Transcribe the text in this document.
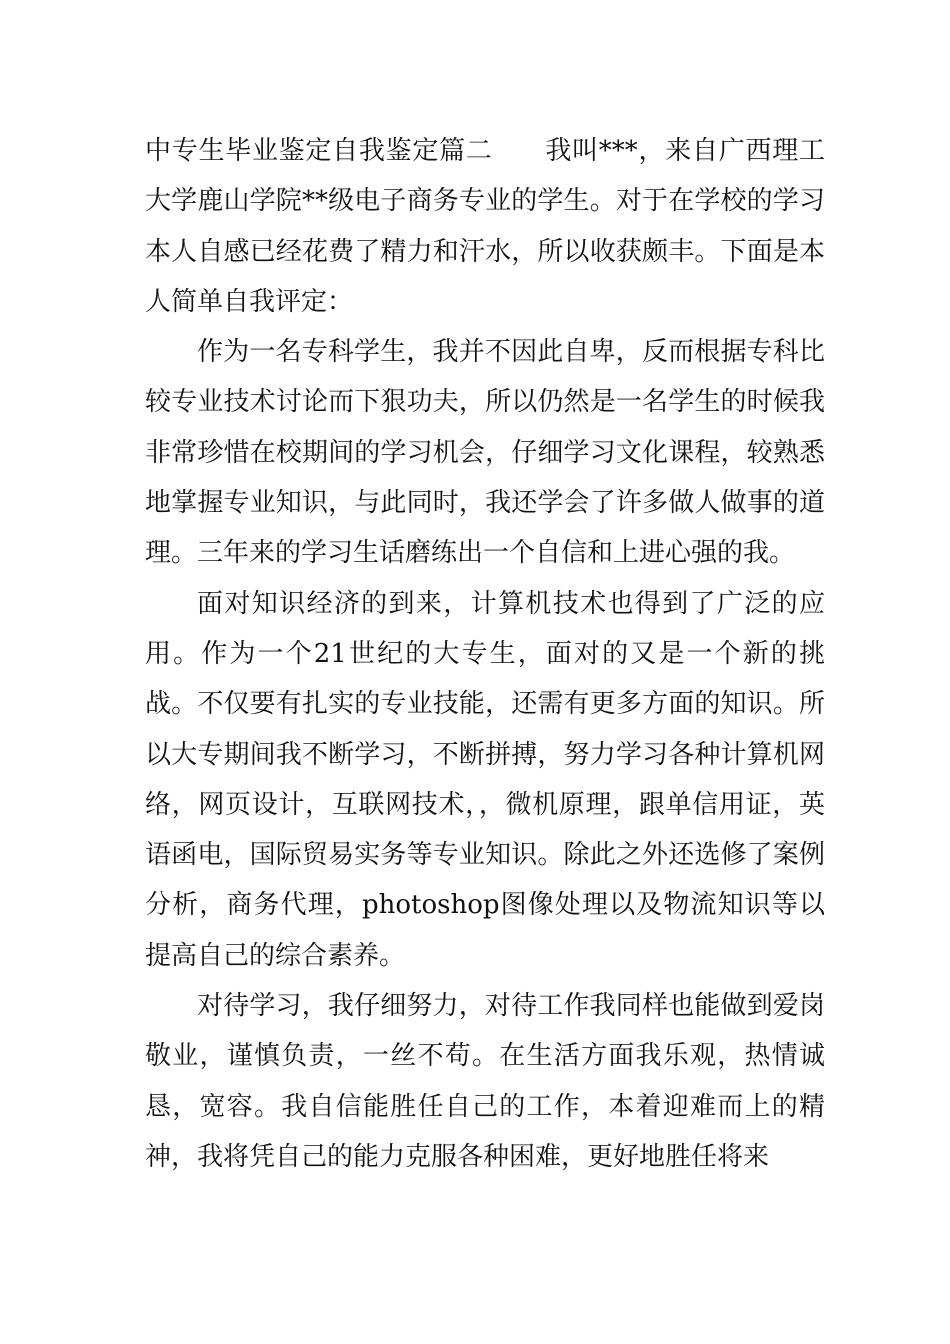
中专生毕业鉴定自我鉴定篇二 我叫***，来自广西理工大学鹿山学院**级电子商务专业的学生。对于在学校的学习本人自感已经花费了精力和汗水，所以收获颇丰。下面是本人简单自我评定：

作为一名专科学生，我并不因此自卑，反而根据专科比较专业技术讨论而下狠功夫，所以仍然是一名学生的时候我非常珍惜在校期间的学习机会，仔细学习文化课程，较熟悉地掌握专业知识，与此同时，我还学会了许多做人做事的道理。三年来的学习生话磨练出一个自信和上进心强的我。

面对知识经济的到来，计算机技术也得到了广泛的应用。作为一个21世纪的大专生，面对的又是一个新的挑战。不仅要有扎实的专业技能，还需有更多方面的知识。所以大专期间我不断学习，不断拼搏，努力学习各种计算机网络，网页设计，互联网技术，，微机原理，跟单信用证，英语函电，国际贸易实务等专业知识。除此之外还选修了案例分析，商务代理，photoshop图像处理以及物流知识等以提高自己的综合素养。

对待学习，我仔细努力，对待工作我同样也能做到爱岗敬业，谨慎负责，一丝不苟。在生活方面我乐观，热情诚恳，宽容。我自信能胜任自己的工作，本着迎难而上的精神，我将凭自己的能力克服各种困难，更好地胜任将来
